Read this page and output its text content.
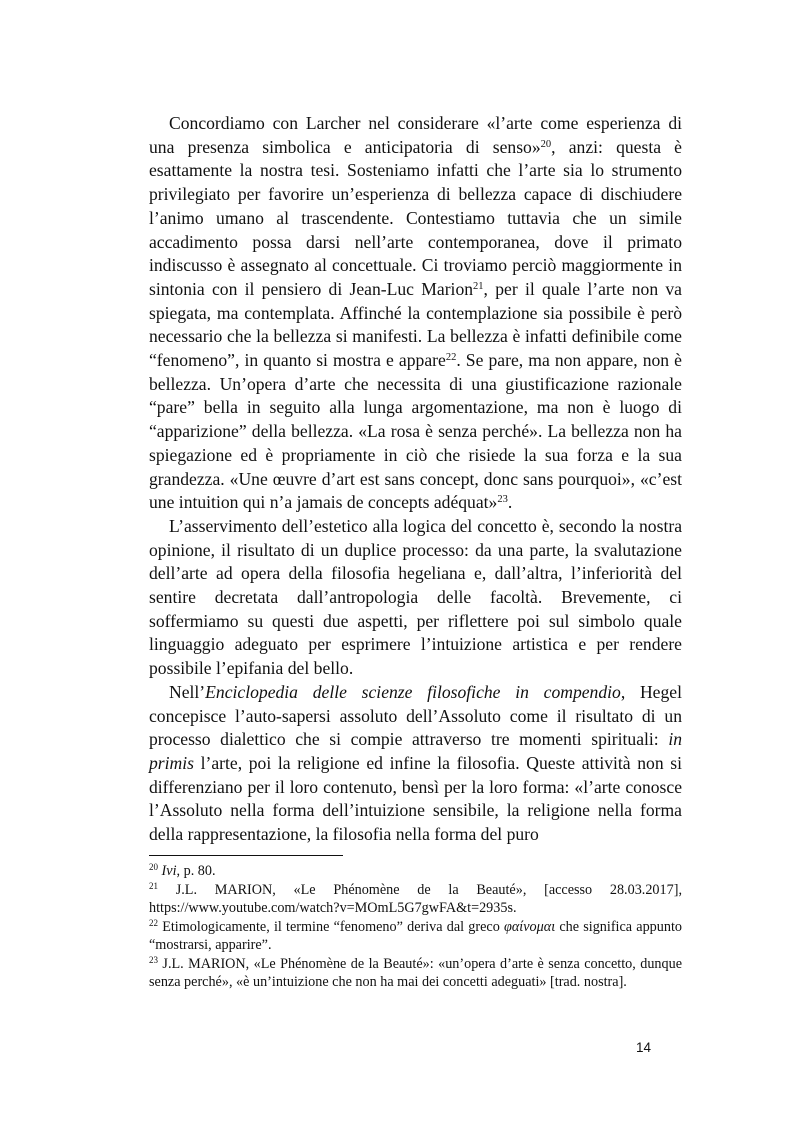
Concordiamo con Larcher nel considerare «l’arte come esperienza di una presenza simbolica e anticipatoria di senso»$^{20}$, anzi: questa è esattamente la nostra tesi. Sosteniamo infatti che l’arte sia lo strumento privilegiato per favorire un’esperienza di bellezza capace di dischiudere l’animo umano al trascendente. Contestiamo tuttavia che un simile accadimento possa darsi nell’arte contemporanea, dove il primato indiscusso è assegnato al concettuale. Ci troviamo perciò maggiormente in sintonia con il pensiero di Jean-Luc Marion$^{21}$, per il quale l’arte non va spiegata, ma contemplata. Affinché la contemplazione sia possibile è però necessario che la bellezza si manifesti. La bellezza è infatti definibile come “fenomeno”, in quanto si mostra e appare$^{22}$. Se pare, ma non appare, non è bellezza. Un’opera d’arte che necessita di una giustificazione razionale “pare” bella in seguito alla lunga argomentazione, ma non è luogo di “apparizione” della bellezza. «La rosa è senza perché». La bellezza non ha spiegazione ed è propriamente in ciò che risiede la sua forza e la sua grandezza. «Une œuvre d’art est sans concept, donc sans pourquoi», «c’est une intuition qui n’a jamais de concepts adéquat»$^{23}$.

L’asservimento dell’estetico alla logica del concetto è, secondo la nostra opinione, il risultato di un duplice processo: da una parte, la svalutazione dell’arte ad opera della filosofia hegeliana e, dall’altra, l’inferiorità del sentire decretata dall’antropologia delle facoltà. Brevemente, ci soffermiamo su questi due aspetti, per riflettere poi sul simbolo quale linguaggio adeguato per esprimere l’intuizione artistica e per rendere possibile l’epifania del bello.

Nell’Enciclopedia delle scienze filosofiche in compendio, Hegel concepisce l’auto-sapersi assoluto dell’Assoluto come il risultato di un processo dialettico che si compie attraverso tre momenti spirituali: in primis l’arte, poi la religione ed infine la filosofia. Queste attività non si differenziano per il loro contenuto, bensì per la loro forma: «l’arte conosce l’Assoluto nella forma dell’intuizione sensibile, la religione nella forma della rappresentazione, la filosofia nella forma del puro

$^{20}$ Ivi, p. 80.

$^{21}$ J.L. MARION, «Le Phénomène de la Beauté», [accesso 28.03.2017], https://www.youtube.com/watch?v=MOmL5G7gwFA&t=2935s.

$^{22}$ Etimologicamente, il termine “fenomeno” deriva dal greco φαίνομαι che significa appunto “mostrarsi, apparire”.

$^{23}$ J.L. MARION, «Le Phénomène de la Beauté»: «un’opera d’arte è senza concetto, dunque senza perché», «è un’intuizione che non ha mai dei concetti adeguati» [trad. nostra].

14
